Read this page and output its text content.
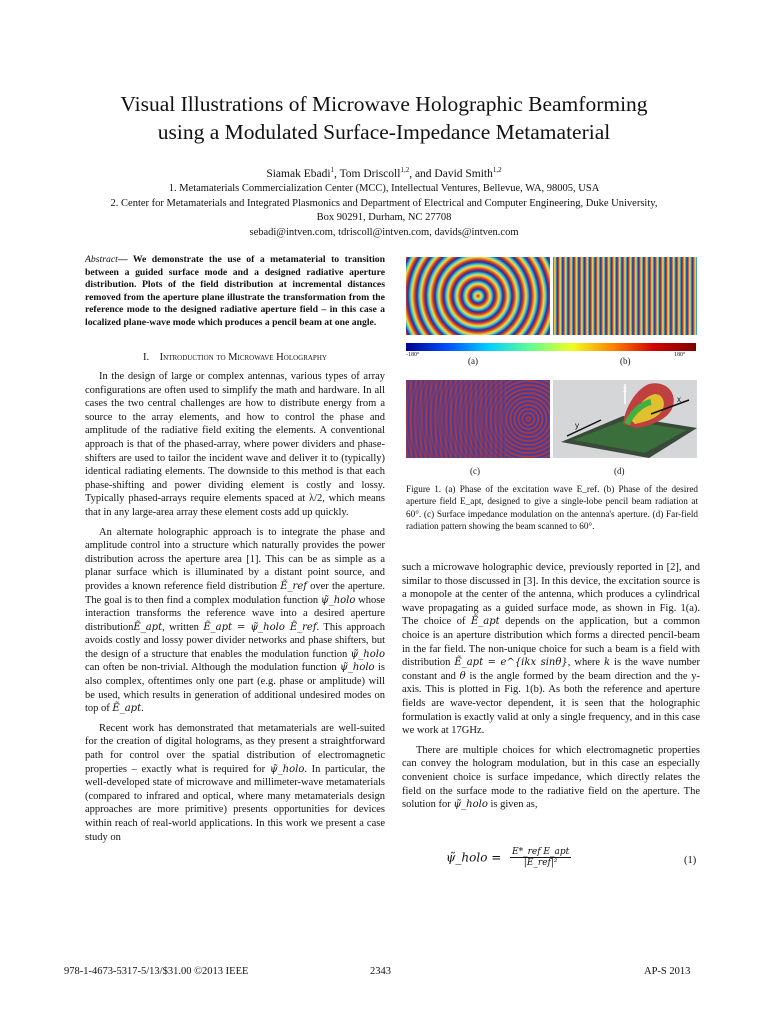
Visual Illustrations of Microwave Holographic Beamforming
using a Modulated Surface-Impedance Metamaterial
Siamak Ebadi$^1$, Tom Driscoll$^{1,2}$, and David Smith$^{1,2}$
1. Metamaterials Commercialization Center (MCC), Intellectual Ventures, Bellevue, WA, 98005, USA
2. Center for Metamaterials and Integrated Plasmonics and Department of Electrical and Computer Engineering, Duke University,
Box 90291, Durham, NC 27708
sebadi@intven.com, tdriscoll@intven.com, davids@intven.com
Abstract— We demonstrate the use of a metamaterial to transition between a guided surface mode and a designed radiative aperture distribution. Plots of the field distribution at incremental distances removed from the aperture plane illustrate the transformation from the reference mode to the designed radiative aperture field – in this case a localized plane-wave mode which produces a pencil beam at one angle.
I. Introduction to Microwave Holography

In the design of large or complex antennas, various types of array configurations are often used to simplify the math and hardware. In all cases the two central challenges are how to distribute energy from a source to the array elements, and how to control the phase and amplitude of the radiative field exiting the elements. A conventional approach is that of the phased-array, where power dividers and phase-shifters are used to tailor the incident wave and deliver it to (typically) identical radiating elements. The downside to this method is that each phase-shifting and power dividing element is costly and lossy. Typically phased-arrays require elements spaced at λ/2, which means that in any large-area array these element costs add up quickly.

An alternate holographic approach is to integrate the phase and amplitude control into a structure which naturally provides the power distribution across the aperture area [1]. This can be as simple as a planar surface which is illuminated by a distant point source, and provides a known reference field distribution Ẽ_ref over the aperture. The goal is to then find a complex modulation function ψ̃_holo whose interaction transforms the reference wave into a desired aperture distributionẼ_apt, written Ẽ_apt = ψ̃_holo Ẽ_ref. This approach avoids costly and lossy power divider networks and phase shifters, but the design of a structure that enables the modulation function ψ̃_holo can often be non-trivial. Although the modulation function ψ̃_holo is also complex, oftentimes only one part (e.g. phase or amplitude) will be used, which results in generation of additional undesired modes on top of Ẽ_apt.

Recent work has demonstrated that metamaterials are well-suited for the creation of digital holograms, as they present a straightforward path for control over the spatial distribution of electromagnetic properties – exactly what is required for ψ̃_holo. In particular, the well-developed state of microwave and millimeter-wave metamaterials (compared to infrared and optical, where many metamaterials design approaches are more primitive) presents opportunities for devices within reach of real-world applications. In this work we present a case study on

-180°	180°
(a)	(b)
z
x
y
(c)	(d)
Figure 1. (a) Phase of the excitation wave E_ref. (b) Phase of the desired aperture field E_apt, designed to give a single-lobe pencil beam radiation at 60°. (c) Surface impedance modulation on the antenna's aperture. (d) Far-field radiation pattern showing the beam scanned to 60°.

such a microwave holographic device, previously reported in [2], and similar to those discussed in [3]. In this device, the excitation source is a monopole at the center of the antenna, which produces a cylindrical wave propagating as a guided surface mode, as shown in Fig. 1(a). The choice of Ẽ_apt depends on the application, but a common choice is an aperture distribution which forms a directed pencil-beam in the far field. The non-unique choice for such a beam is a field with distribution Ẽ_apt = e^{ikx sinθ}, where k is the wave number constant and θ is the angle formed by the beam direction and the y-axis. This is plotted in Fig. 1(b). As both the reference and aperture fields are wave-vector dependent, it is seen that the holographic formulation is exactly valid at only a single frequency, and in this case we work at 17GHz.

There are multiple choices for which electromagnetic properties can convey the hologram modulation, but in this case an especially convenient choice is surface impedance, which directly relates the field on the surface mode to the radiative field on the aperture. The solution for ψ̃_holo is given as,

ψ̃_holo = E*_ref E_apt
|E_ref|²	(1)
978-1-4673-5317-5/13/$31.00 ©2013 IEEE	2343	AP-S 2013
